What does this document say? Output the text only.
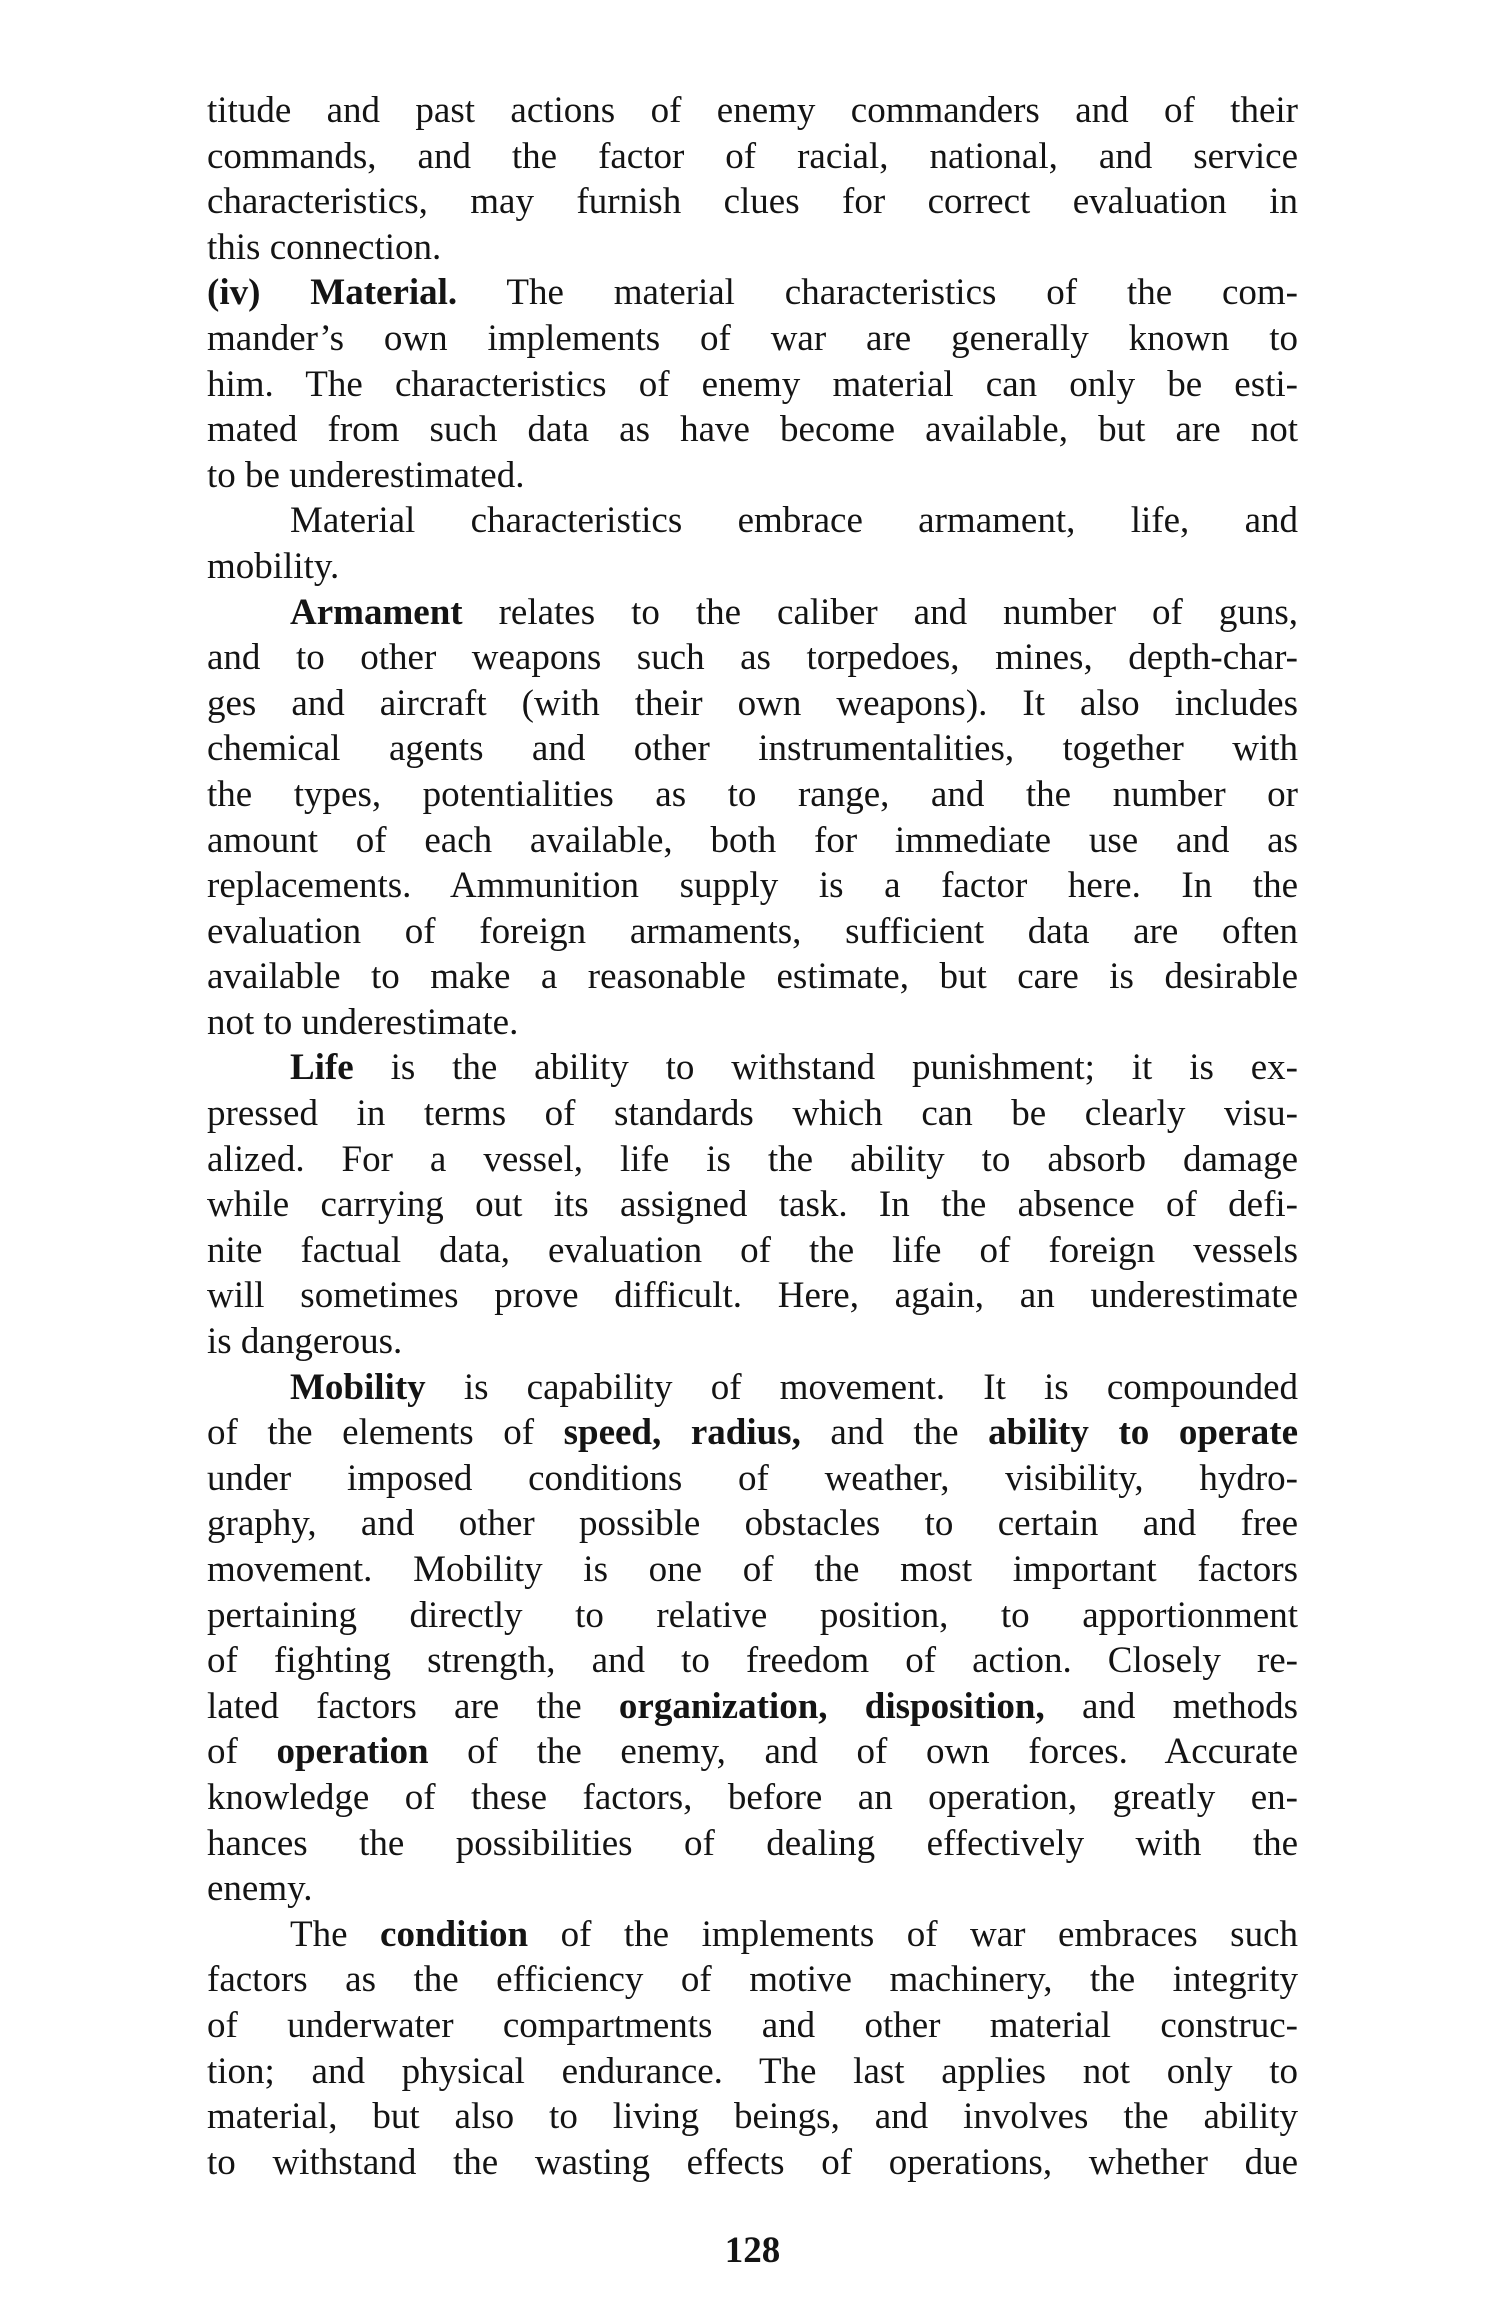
titude and past actions of enemy commanders and of their
commands, and the factor of racial, national, and service
characteristics, may furnish clues for correct evaluation in
this connection.
(iv) Material. The material characteristics of the com-
mander’s own implements of war are generally known to
him. The characteristics of enemy material can only be esti-
mated from such data as have become available, but are not
to be underestimated.
Material characteristics embrace armament, life, and
mobility.
Armament relates to the caliber and number of guns,
and to other weapons such as torpedoes, mines, depth-char-
ges and aircraft (with their own weapons). It also includes
chemical agents and other instrumentalities, together with
the types, potentialities as to range, and the number or
amount of each available, both for immediate use and as
replacements. Ammunition supply is a factor here. In the
evaluation of foreign armaments, sufficient data are often
available to make a reasonable estimate, but care is desirable
not to underestimate.
Life is the ability to withstand punishment; it is ex-
pressed in terms of standards which can be clearly visu-
alized. For a vessel, life is the ability to absorb damage
while carrying out its assigned task. In the absence of defi-
nite factual data, evaluation of the life of foreign vessels
will sometimes prove difficult. Here, again, an underestimate
is dangerous.
Mobility is capability of movement. It is compounded
of the elements of speed, radius, and the ability to operate
under imposed conditions of weather, visibility, hydro-
graphy, and other possible obstacles to certain and free
movement. Mobility is one of the most important factors
pertaining directly to relative position, to apportionment
of fighting strength, and to freedom of action. Closely re-
lated factors are the organization, disposition, and methods
of operation of the enemy, and of own forces. Accurate
knowledge of these factors, before an operation, greatly en-
hances the possibilities of dealing effectively with the
enemy.
The condition of the implements of war embraces such
factors as the efficiency of motive machinery, the integrity
of underwater compartments and other material construc-
tion; and physical endurance. The last applies not only to
material, but also to living beings, and involves the ability
to withstand the wasting effects of operations, whether due
128
